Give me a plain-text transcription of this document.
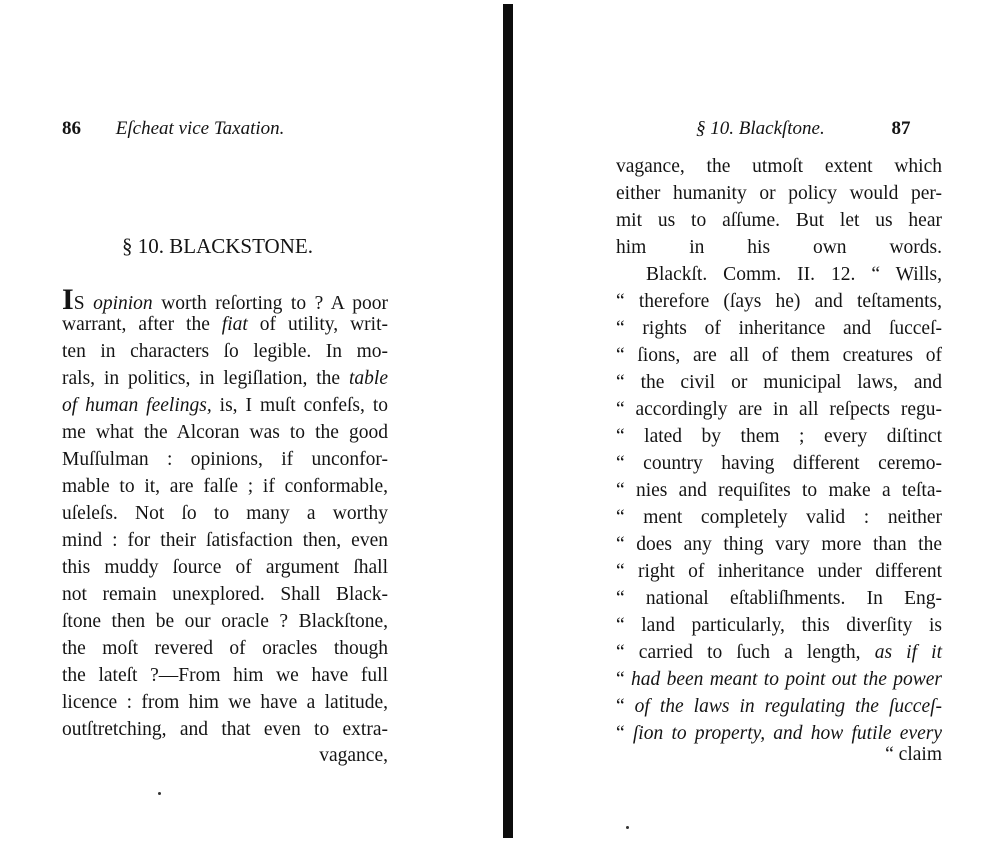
86 Eſcheat vice Taxation.
§ 10. BLACKSTONE.
IS opinion worth reſorting to ? A poor
warrant, after the fiat of utility, writ-
ten in characters ſo legible. In mo-
rals, in politics, in legiſlation, the table
of human feelings, is, I muſt confeſs, to
me what the Alcoran was to the good
Muſſulman : opinions, if unconfor-
mable to it, are falſe ; if conformable,
uſeleſs. Not ſo to many a worthy
mind : for their ſatisfaction then, even
this muddy ſource of argument ſhall
not remain unexplored. Shall Black-
ſtone then be our oracle ? Blackſtone,
the moſt revered of oracles though
the lateſt ?—From him we have full
licence : from him we have a latitude,
outſtretching, and that even to extra-
vagance,
§ 10. Blackſtone.	87
vagance, the utmoſt extent which
either humanity or policy would per-
mit us to aſſume. But let us hear
him in his own words.
Blackſt. Comm. II. 12. “ Wills,
“ therefore (ſays he) and teſtaments,
“ rights of inheritance and ſucceſ-
“ ſions, are all of them creatures of
“ the civil or municipal laws, and
“ accordingly are in all reſpects regu-
“ lated by them ; every diſtinct
“ country having different ceremo-
“ nies and requiſites to make a teſta-
“ ment completely valid : neither
“ does any thing vary more than the
“ right of inheritance under different
“ national eſtabliſhments. In Eng-
“ land particularly, this diverſity is
“ carried to ſuch a length, as if it
“ had been meant to point out the power
“ of the laws in regulating the ſucceſ-
“ ſion to property, and how futile every
“ claim
